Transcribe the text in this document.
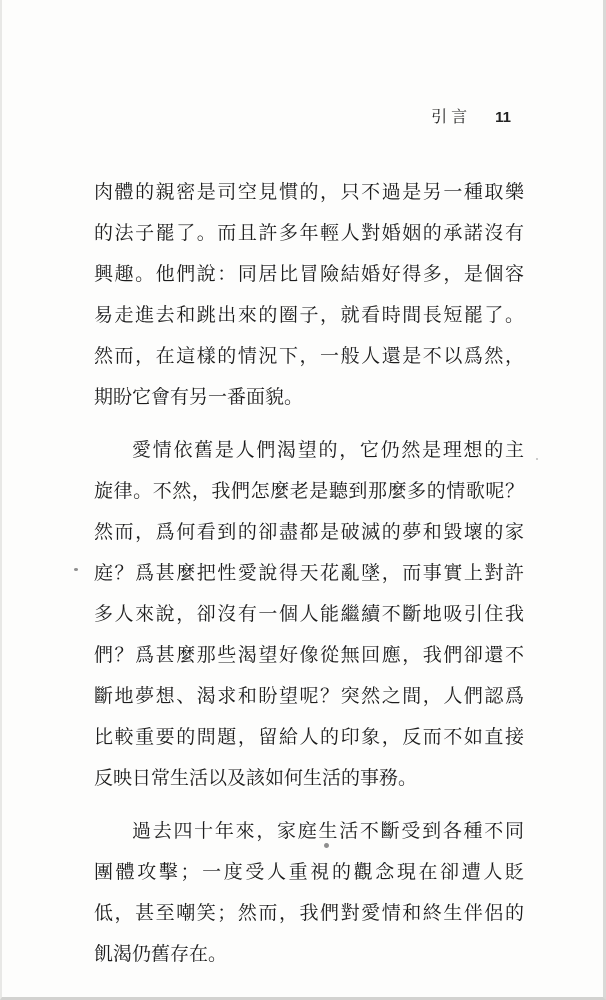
引言 11
肉體的親密是司空見慣的，只不過是另一種取樂
的法子罷了。而且許多年輕人對婚姻的承諾沒有
興趣。他們說：同居比冒險結婚好得多，是個容
易走進去和跳出來的圈子，就看時間長短罷了。
然而，在這樣的情況下，一般人還是不以爲然，
期盼它會有另一番面貌。
愛情依舊是人們渴望的，它仍然是理想的主
旋律。不然，我們怎麼老是聽到那麼多的情歌呢？
然而，爲何看到的卻盡都是破滅的夢和毀壞的家
庭？爲甚麼把性愛說得天花亂墜，而事實上對許
多人來說，卻沒有一個人能繼續不斷地吸引住我
們？爲甚麼那些渴望好像從無回應，我們卻還不
斷地夢想、渴求和盼望呢？突然之間，人們認爲
比較重要的問題，留給人的印象，反而不如直接
反映日常生活以及該如何生活的事務。
過去四十年來，家庭生活不斷受到各種不同
團體攻擊；一度受人重視的觀念現在卻遭人貶
低，甚至嘲笑；然而，我們對愛情和終生伴侶的
飢渴仍舊存在。
